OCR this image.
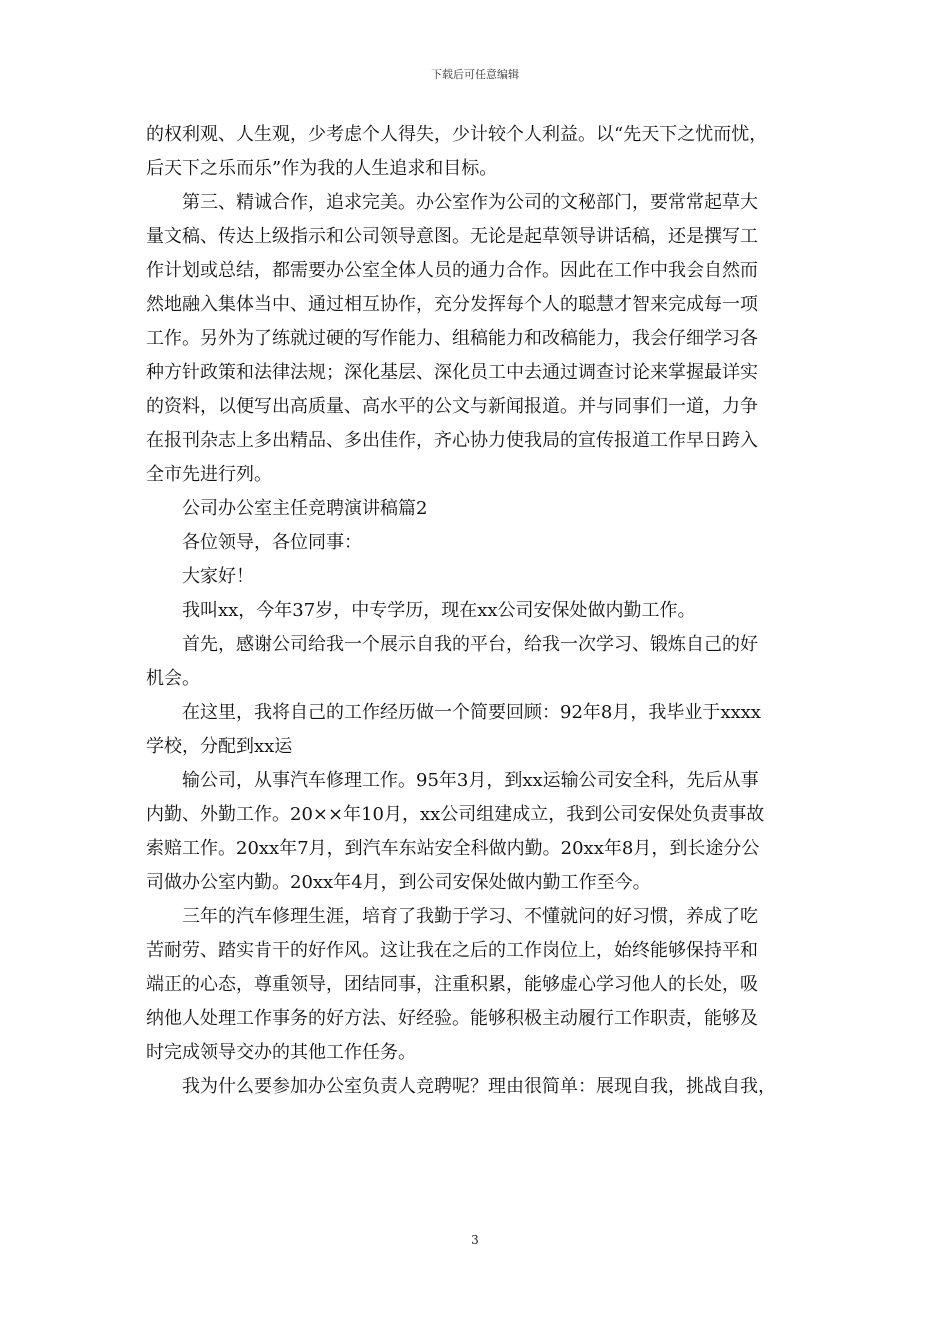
下载后可任意编辑
的权利观、人生观，少考虑个人得失，少计较个人利益。以“先天下之忧而忧，
后天下之乐而乐”作为我的人生追求和目标。
　　第三、精诚合作，追求完美。办公室作为公司的文秘部门，要常常起草大
量文稿、传达上级指示和公司领导意图。无论是起草领导讲话稿，还是撰写工
作计划或总结，都需要办公室全体人员的通力合作。因此在工作中我会自然而
然地融入集体当中、通过相互协作，充分发挥每个人的聪慧才智来完成每一项
工作。另外为了练就过硬的写作能力、组稿能力和改稿能力，我会仔细学习各
种方针政策和法律法规；深化基层、深化员工中去通过调查讨论来掌握最详实
的资料，以便写出高质量、高水平的公文与新闻报道。并与同事们一道，力争
在报刊杂志上多出精品、多出佳作，齐心协力使我局的宣传报道工作早日跨入
全市先进行列。
　　公司办公室主任竞聘演讲稿篇2
　　各位领导，各位同事：
　　大家好！
　　我叫xx，今年37岁，中专学历，现在xx公司安保处做内勤工作。
　　首先，感谢公司给我一个展示自我的平台，给我一次学习、锻炼自己的好
机会。
　　在这里，我将自己的工作经历做一个简要回顾：92年8月，我毕业于xxxx
学校，分配到xx运
　　输公司，从事汽车修理工作。95年3月，到xx运输公司安全科，先后从事
内勤、外勤工作。20××年10月，xx公司组建成立，我到公司安保处负责事故
索赔工作。20xx年7月，到汽车东站安全科做内勤。20xx年8月，到长途分公
司做办公室内勤。20xx年4月，到公司安保处做内勤工作至今。
　　三年的汽车修理生涯，培育了我勤于学习、不懂就问的好习惯，养成了吃
苦耐劳、踏实肯干的好作风。这让我在之后的工作岗位上，始终能够保持平和
端正的心态，尊重领导，团结同事，注重积累，能够虚心学习他人的长处，吸
纳他人处理工作事务的好方法、好经验。能够积极主动履行工作职责，能够及
时完成领导交办的其他工作任务。
　　我为什么要参加办公室负责人竞聘呢？理由很简单：展现自我，挑战自我，
3
